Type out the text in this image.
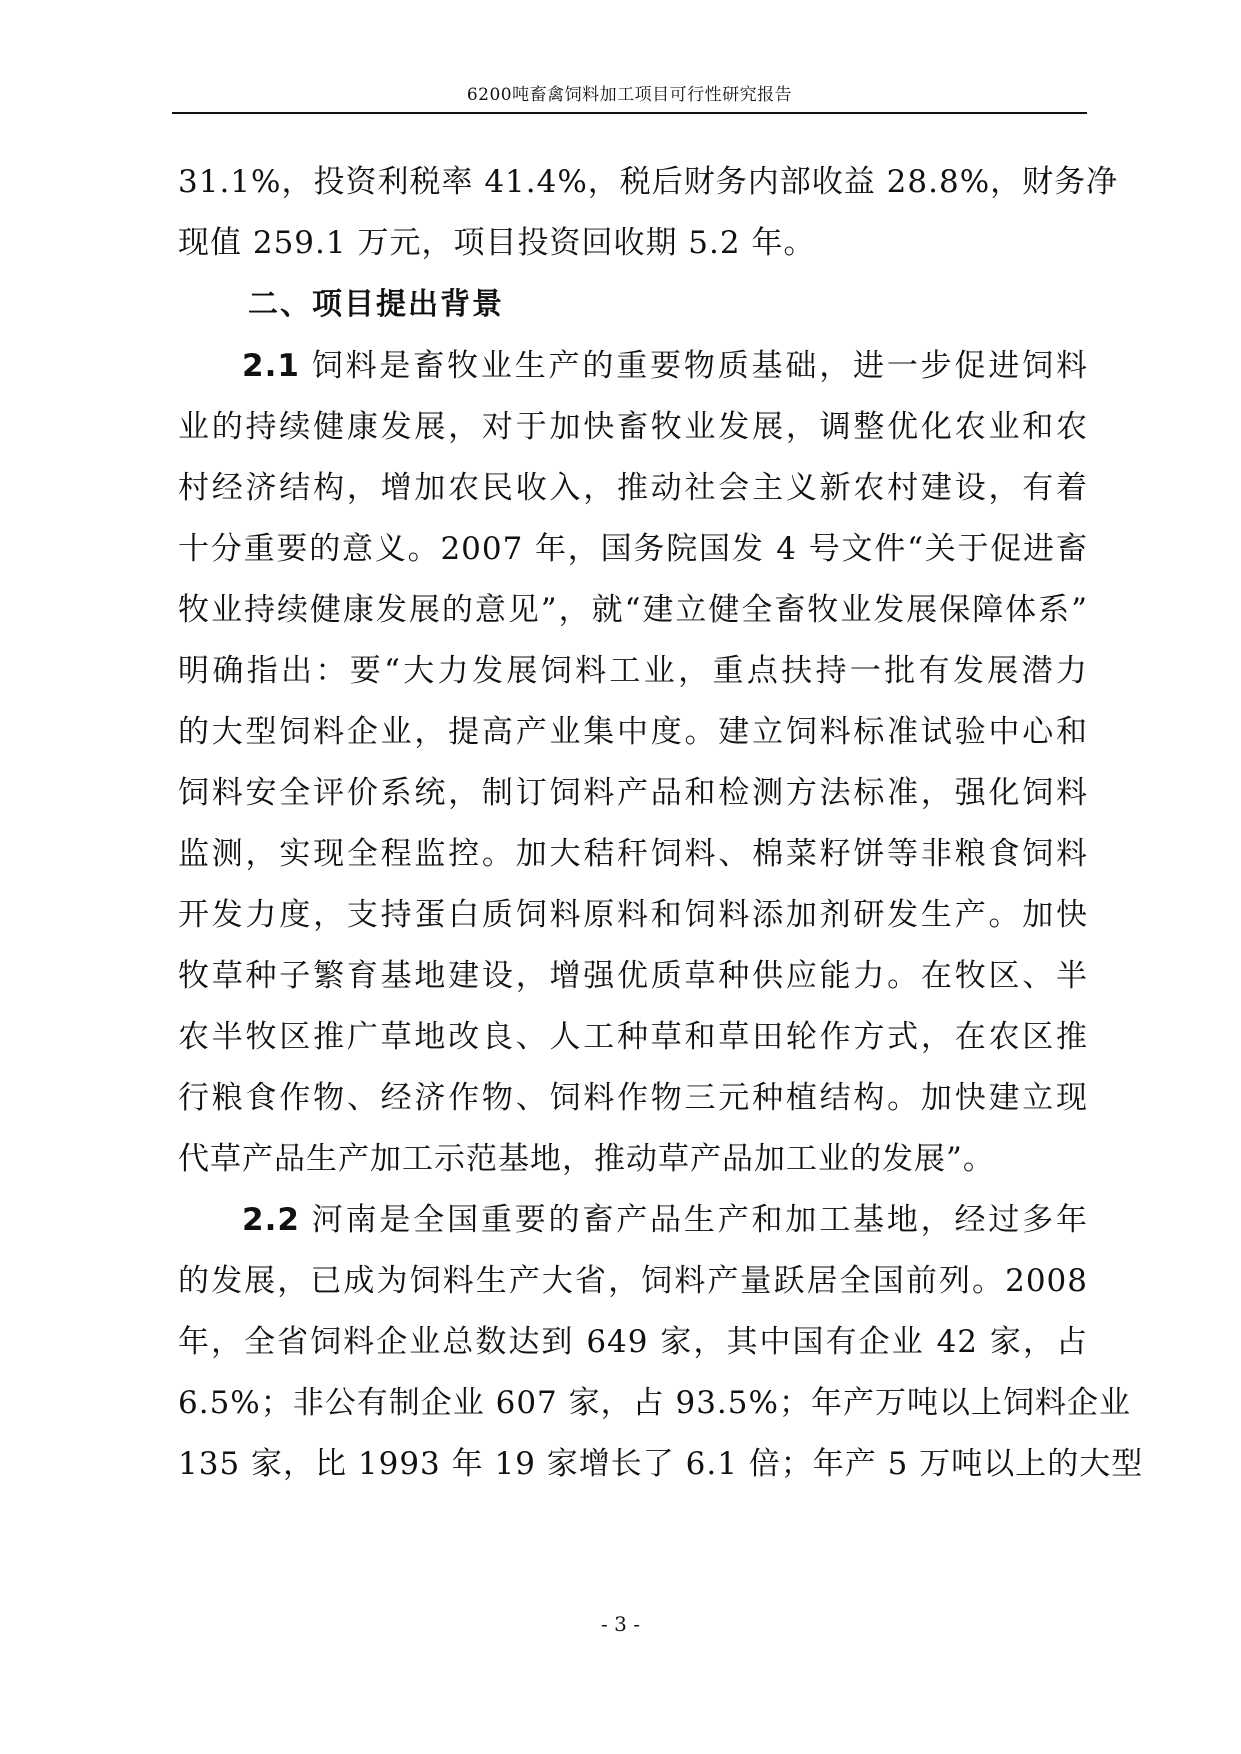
6200吨畜禽饲料加工项目可行性研究报告
31.1%，投资利税率 41.4%，税后财务内部收益 28.8%，财务净
现值 259.1 万元，项目投资回收期 5.2 年。
二、项目提出背景
2.1 饲料是畜牧业生产的重要物质基础，进一步促进饲料
业的持续健康发展，对于加快畜牧业发展，调整优化农业和农
村经济结构，增加农民收入，推动社会主义新农村建设，有着
十分重要的意义。2007 年，国务院国发 4 号文件“关于促进畜
牧业持续健康发展的意见”，就“建立健全畜牧业发展保障体系”
明确指出：要“大力发展饲料工业，重点扶持一批有发展潜力
的大型饲料企业，提高产业集中度。建立饲料标准试验中心和
饲料安全评价系统，制订饲料产品和检测方法标准，强化饲料
监测，实现全程监控。加大秸秆饲料、棉菜籽饼等非粮食饲料
开发力度，支持蛋白质饲料原料和饲料添加剂研发生产。加快
牧草种子繁育基地建设，增强优质草种供应能力。在牧区、半
农半牧区推广草地改良、人工种草和草田轮作方式，在农区推
行粮食作物、经济作物、饲料作物三元种植结构。加快建立现
代草产品生产加工示范基地，推动草产品加工业的发展”。
2.2 河南是全国重要的畜产品生产和加工基地，经过多年
的发展，已成为饲料生产大省，饲料产量跃居全国前列。2008
年，全省饲料企业总数达到 649 家，其中国有企业 42 家，占
6.5%；非公有制企业 607 家，占 93.5%；年产万吨以上饲料企业
135 家，比 1993 年 19 家增长了 6.1 倍；年产 5 万吨以上的大型
- 3 -
